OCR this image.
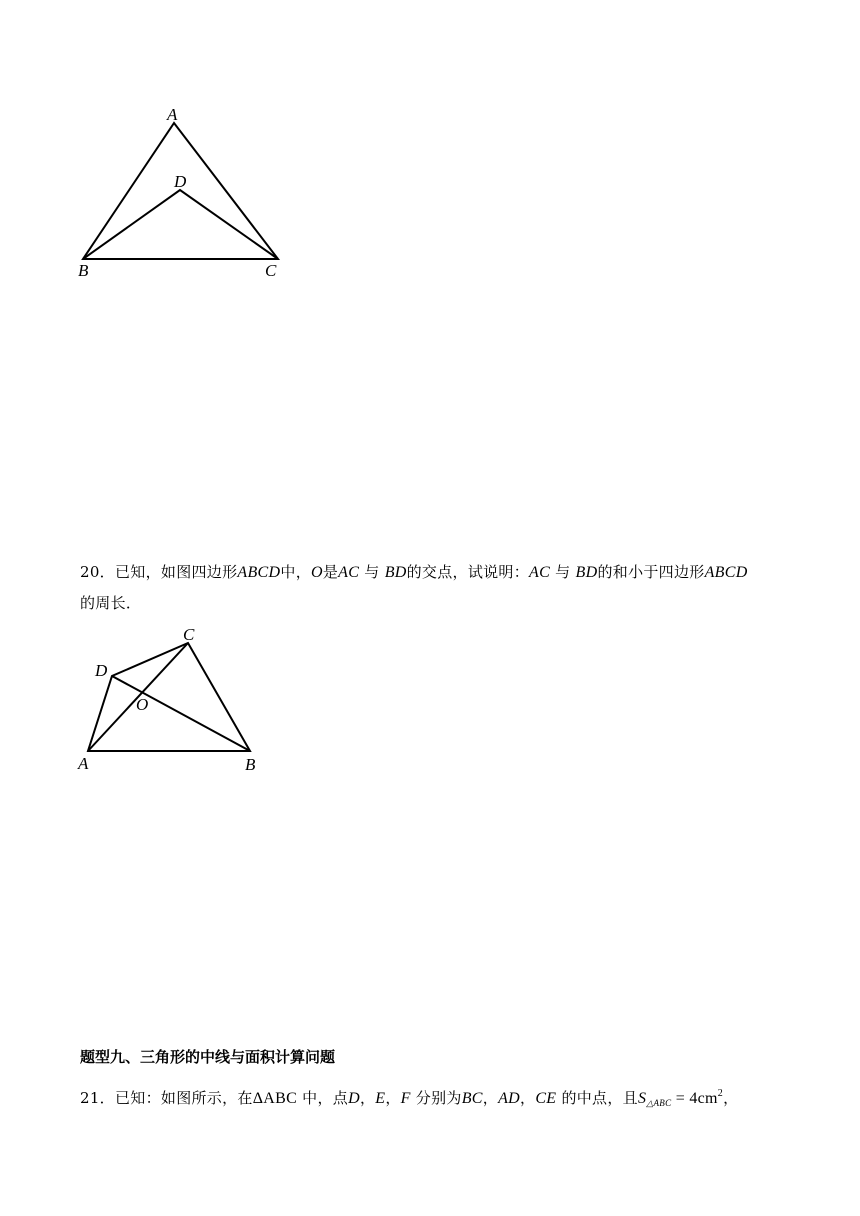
A
D
B	C
20．已知，如图四边形ABCD中，O是AC 与 BD的交点，试说明：AC 与 BD的和小于四边形ABCD
的周长．
C
D
O
A	B
题型九、三角形的中线与面积计算问题
21．已知：如图所示，在ΔABC 中，点D，E，F 分别为BC，AD，CE 的中点，且$S_{\triangle ABC} = 4cm^2$，
